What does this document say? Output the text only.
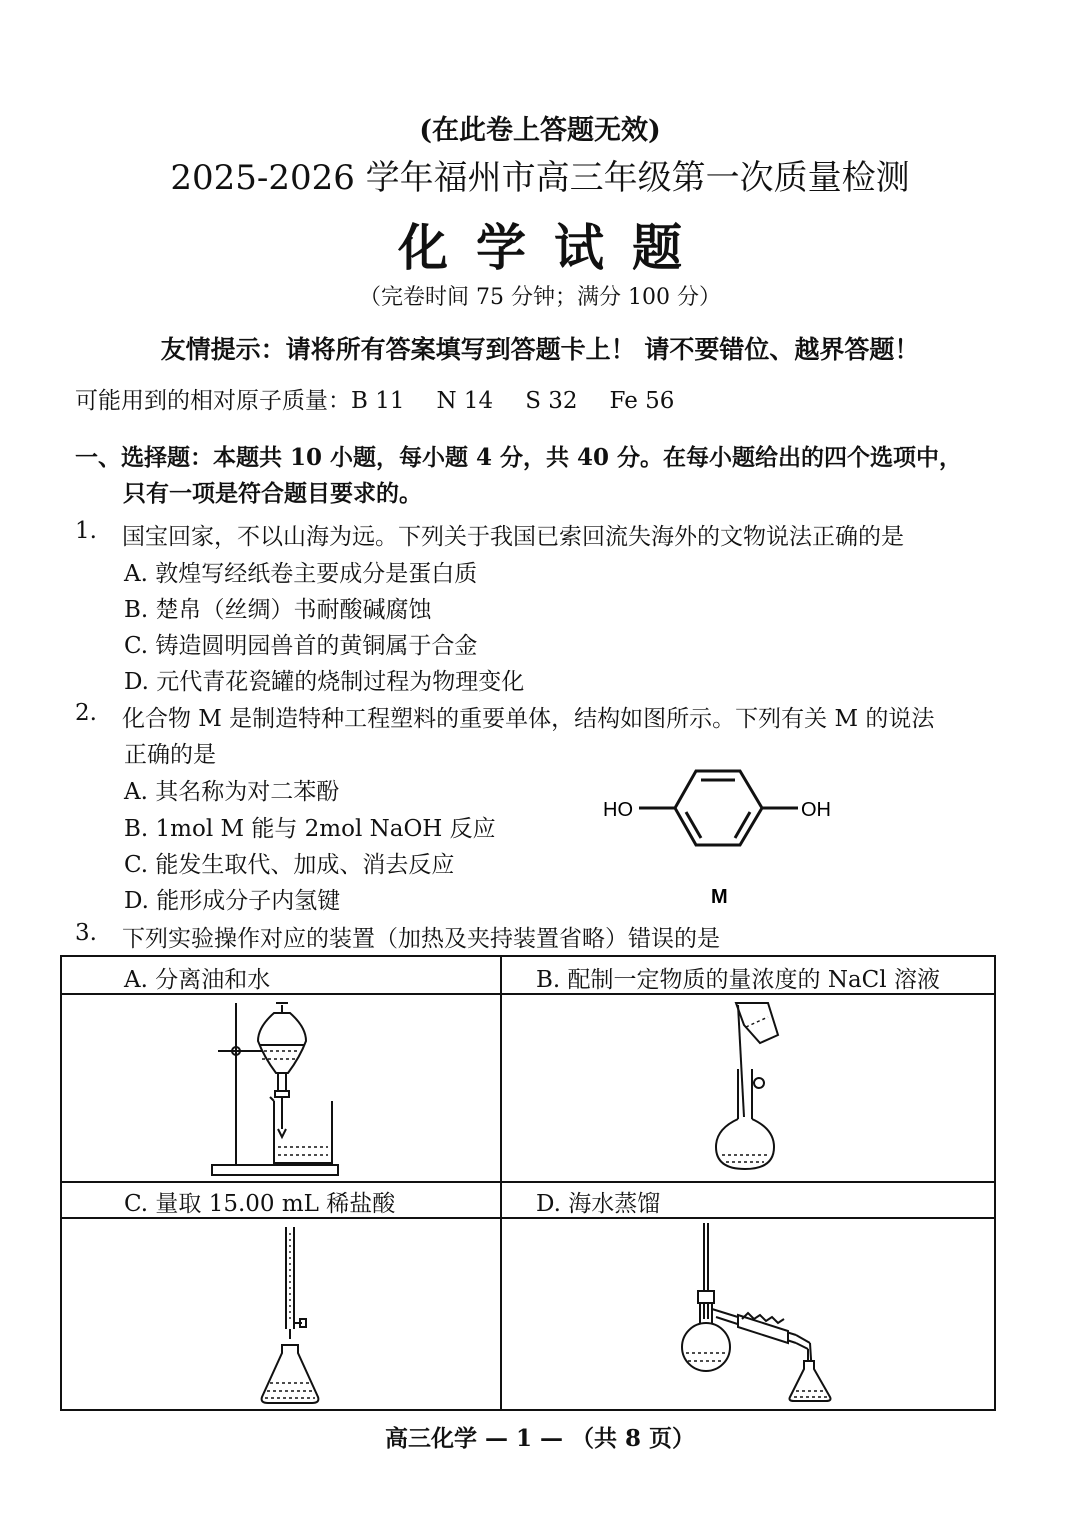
(在此卷上答题无效)
2025-2026 学年福州市高三年级第一次质量检测
化学试题
（完卷时间 75 分钟；满分 100 分）
友情提示：请将所有答案填写到答题卡上！ 请不要错位、越界答题！
可能用到的相对原子质量：B 11 N 14 S 32 Fe 56
一、选择题：本题共 10 小题，每小题 4 分，共 40 分。在每小题给出的四个选项中，
只有一项是符合题目要求的。
1. 国宝回家，不以山海为远。下列关于我国已索回流失海外的文物说法正确的是
A. 敦煌写经纸卷主要成分是蛋白质
B. 楚帛（丝绸）书耐酸碱腐蚀
C. 铸造圆明园兽首的黄铜属于合金
D. 元代青花瓷罐的烧制过程为物理变化
2. 化合物 M 是制造特种工程塑料的重要单体，结构如图所示。下列有关 M 的说法
正确的是
A. 其名称为对二苯酚
B. 1mol M 能与 2mol NaOH 反应
C. 能发生取代、加成、消去反应
D. 能形成分子内氢键
HO	OH
M
3. 下列实验操作对应的装置（加热及夹持装置省略）错误的是
A. 分离油和水	B. 配制一定物质的量浓度的 NaCl 溶液
C. 量取 15.00 mL 稀盐酸	D. 海水蒸馏
高三化学 — 1 — （共 8 页）
